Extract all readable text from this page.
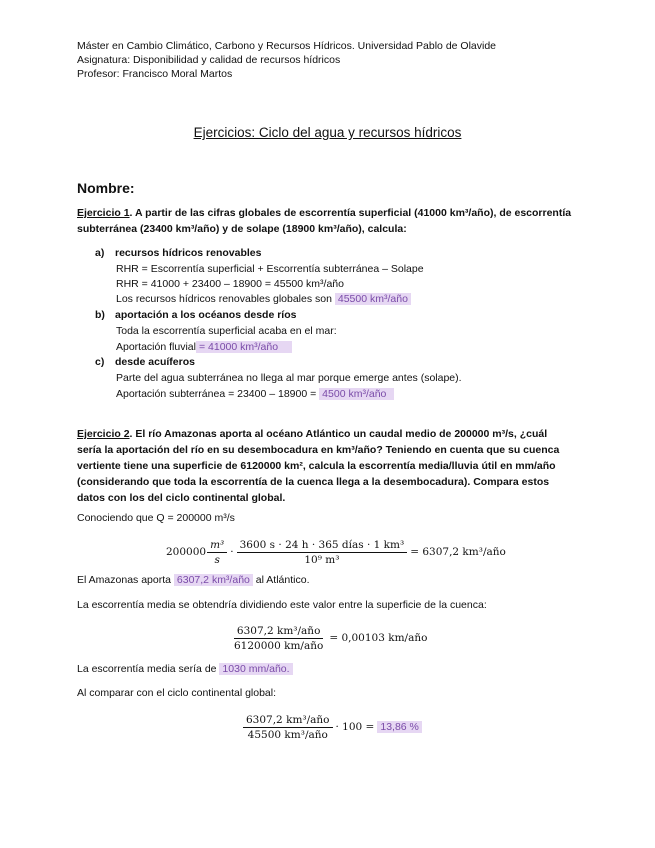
Máster en Cambio Climático, Carbono y Recursos Hídricos. Universidad Pablo de Olavide
Asignatura: Disponibilidad y calidad de recursos hídricos
Profesor: Francisco Moral Martos
Ejercicios: Ciclo del agua y recursos hídricos
Nombre:
Ejercicio 1. A partir de las cifras globales de escorrentía superficial (41000 km³/año), de escorrentía subterránea (23400 km³/año) y de solape (18900 km³/año), calcula:
a) recursos hídricos renovables
RHR = Escorrentía superficial + Escorrentía subterránea – Solape
RHR = 41000 + 23400 – 18900 = 45500 km³/año
Los recursos hídricos renovables globales son 45500 km³/año
b) aportación a los océanos desde ríos
Toda la escorrentía superficial acaba en el mar:
Aportación fluvial = 41000 km³/año
c) desde acuíferos
Parte del agua subterránea no llega al mar porque emerge antes (solape).
Aportación subterránea = 23400 – 18900 = 4500 km³/año
Ejercicio 2. El río Amazonas aporta al océano Atlántico un caudal medio de 200000 m³/s, ¿cuál sería la aportación del río en su desembocadura en km³/año? Teniendo en cuenta que su cuenca vertiente tiene una superficie de 6120000 km², calcula la escorrentía media/lluvia útil en mm/año (considerando que toda la escorrentía de la cuenca llega a la desembocadura). Compara estos datos con los del ciclo continental global.
Conociendo que Q = 200000 m³/s
$200000 \frac{\text{m³}}{s} \cdot \frac{\text{3600 s · 24 h · 365 días · 1 km³}}{\text{10⁹ m³}} = 6307,2$ km³/año
El Amazonas aporta 6307,2 km³/año al Atlántico.
La escorrentía media se obtendría dividiendo este valor entre la superficie de la cuenca:
$\frac{\text{6307,2 km³/año}}{\text{6120000 km/año}} = 0,00103$ km/año
La escorrentía media sería de 1030 mm/año.
Al comparar con el ciclo continental global:
$\frac{\text{6307,2 km³/año}}{\text{45500 km³/año}} \cdot 100 = 13,86$ %
